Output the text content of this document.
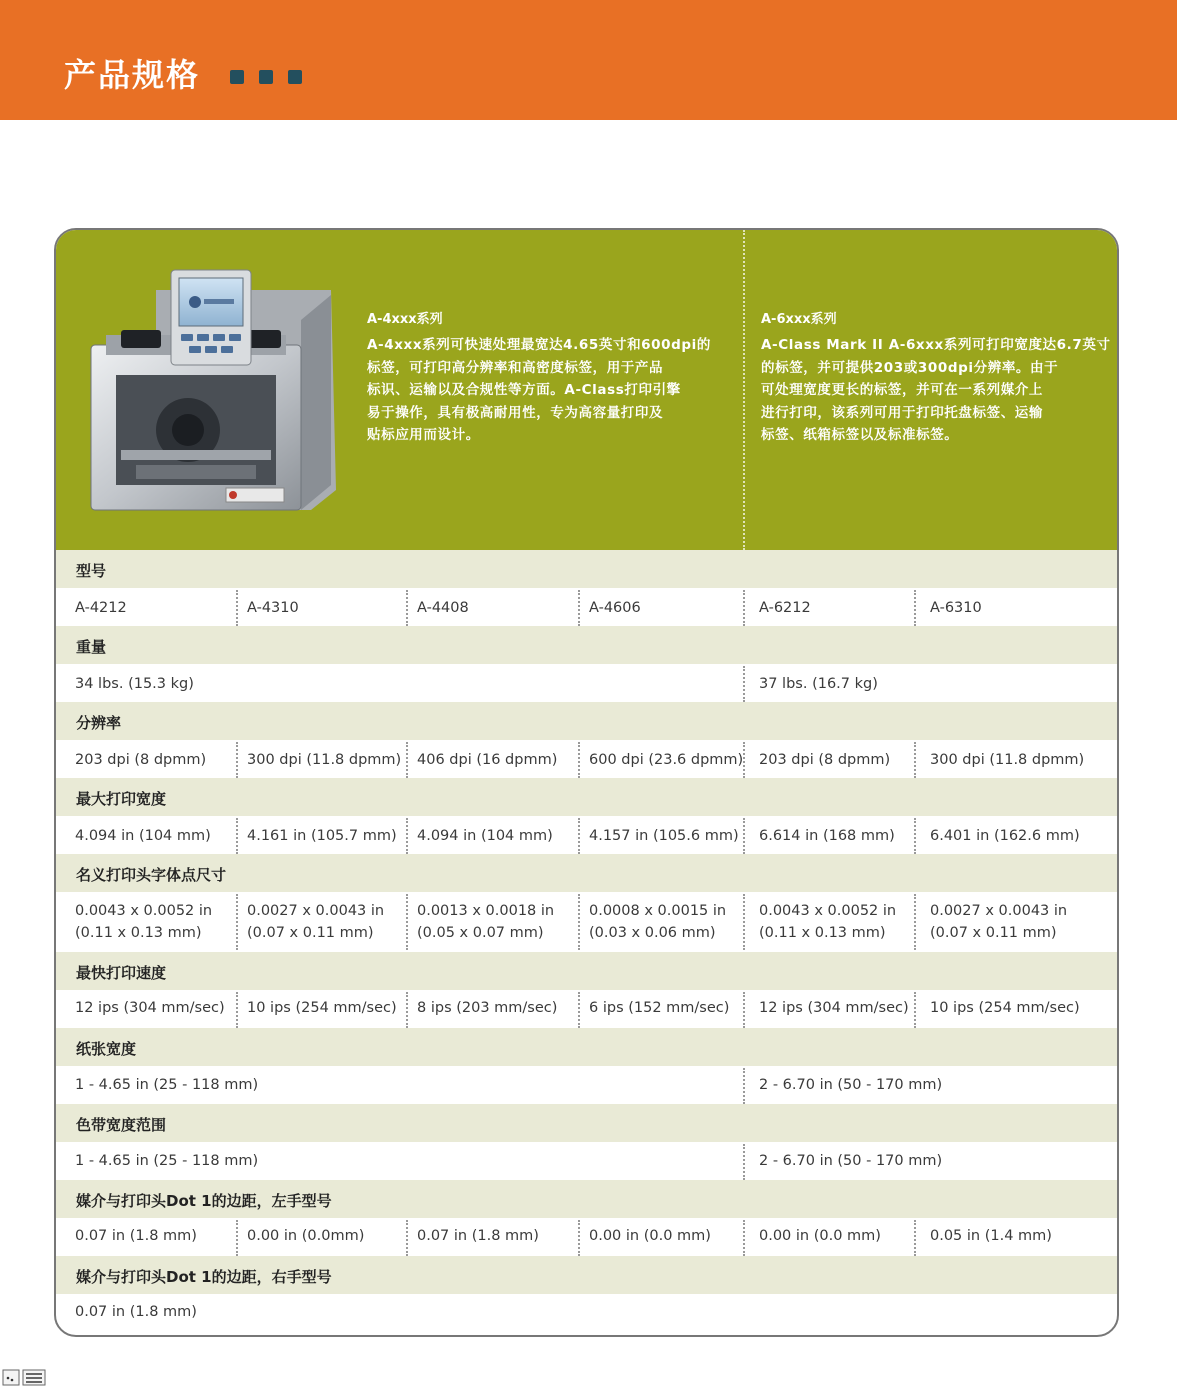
产品规格
A-4xxx系列
A-4xxx系列可快速处理最宽达4.65英寸和600dpi的
标签，可打印高分辨率和高密度标签，用于产品
标识、运输以及合规性等方面。A-Class打印引擎
易于操作，具有极高耐用性，专为高容量打印及
贴标应用而设计。
A-6xxx系列
A-Class Mark II A-6xxx系列可打印宽度达6.7英寸
的标签，并可提供203或300dpi分辨率。由于
可处理宽度更长的标签，并可在一系列媒介上
进行打印，该系列可用于打印托盘标签、运输
标签、纸箱标签以及标准标签。
型号
A-4212	A-4310	A-4408	A-4606	A-6212	A-6310
重量
34 lbs. (15.3 kg)	37 lbs. (16.7 kg)
分辨率
203 dpi (8 dpmm)	300 dpi (11.8 dpmm) 406 dpi (16 dpmm) 600 dpi (23.6 dpmm) 203 dpi (8 dpmm)	300 dpi (11.8 dpmm)
最大打印宽度
4.094 in (104 mm) 4.161 in (105.7 mm) 4.094 in (104 mm) 4.157 in (105.6 mm) 6.614 in (168 mm) 6.401 in (162.6 mm)
名义打印头字体点尺寸
0.0043 x 0.0052 in
(0.11 x 0.13 mm)
0.0027 x 0.0043 in
(0.07 x 0.11 mm)
0.0013 x 0.0018 in
(0.05 x 0.07 mm)
0.0008 x 0.0015 in
(0.03 x 0.06 mm)
0.0043 x 0.0052 in
(0.11 x 0.13 mm)
0.0027 x 0.0043 in
(0.07 x 0.11 mm)
最快打印速度
12 ips (304 mm/sec) 10 ips (254 mm/sec) 8 ips (203 mm/sec) 6 ips (152 mm/sec) 12 ips (304 mm/sec) 10 ips (254 mm/sec)
纸张宽度
1 - 4.65 in (25 - 118 mm)	2 - 6.70 in (50 - 170 mm)
色带宽度范围
1 - 4.65 in (25 - 118 mm)	2 - 6.70 in (50 - 170 mm)
媒介与打印头Dot 1的边距，左手型号
0.07 in (1.8 mm)	0.00 in (0.0mm)	0.07 in (1.8 mm)	0.00 in (0.0 mm)	0.00 in (0.0 mm)	0.05 in (1.4 mm)
媒介与打印头Dot 1的边距，右手型号
0.07 in (1.8 mm)
